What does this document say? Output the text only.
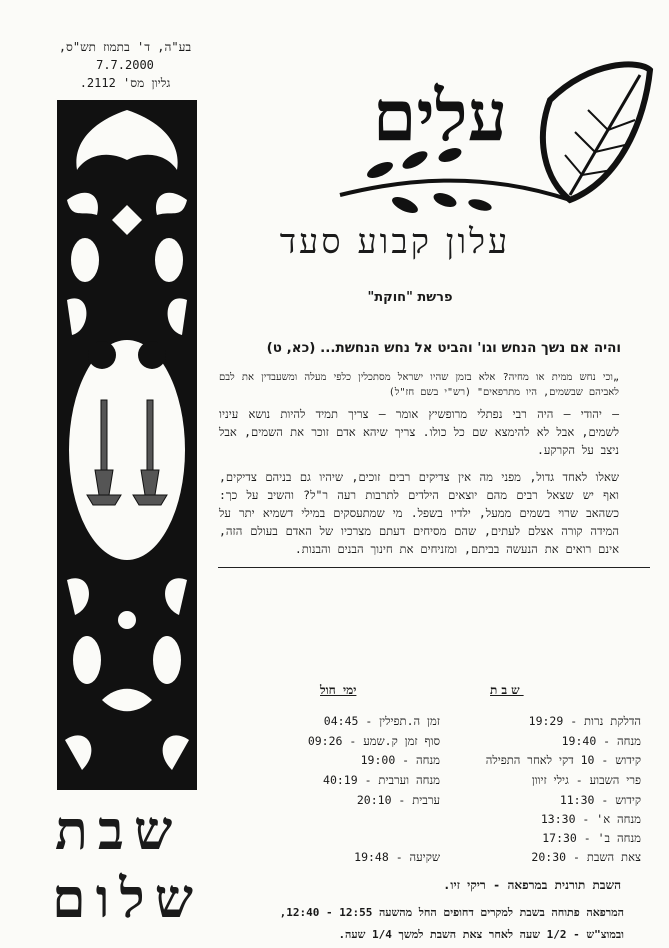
בע"ה, ד' בתמוז תש"ס,
7.7.2000
גליון מס' 2112.	עלים
עלון קבוע סעד
פרשת "חוקת"
והיה אם נשך הנחש וגו' והביט אל נחש הנחשת... (כא, ט)
„וכי נחש ממית או מחיה? אלא בזמן שהיו ישראל מסתכלין כלפי מעלה ומשעבדין את לבם לאביהם שבשמים, היו מתרפאים" (רש"י בשם חז"ל)
— יהודי — היה רבי נפתלי מרופשיץ אומר — צריך תמיד להיות נושא עיניו לשמים, אבל לא להימצא שם כל כולו. צריך שיהא אדם זוכר את השמים, אבל ניצב על הקרקע.
שאלו לאחד גדול, מפני מה אין צדיקים רבים זוכים, שיהיו גם בניהם צדיקים, ואף יש שצאל רבים מהם יוצאים הילדים לתרבות רעה ר"ל? והשיב על כך: כשהאב שרוי בשמים ממעל, ילדיו בשפל. מי שמתעסקים במילי דשמיא יתר על המידה קורה אצלם לעתים, שהם מסיחים דעתם מצרכיו של האדם בעולם הזה, אינם רואים את הנעשה בביתם, ומזניחים את חינוך הבנים והבנות.
שבת
ימי חול
הדלקת נרות - 19:29
מנחה - 19:40
קידוש - 10 דקי לאחר התפילה
פרי השבוע - גילי זיוון
קידוש - 11:30
מנחה א' - 13:30
מנחה ב' - 17:30
צאת השבת - 20:30
זמן ה.תפילין - 04:45
סוף זמן ק.שמע - 09:26
מנחה - 19:00
מנחה וערבית - 40:19
ערבית - 20:10
שקיעה - 19:48
השבת תורנית במרפאה - ריקי זיו.
המרפאה פתוחה בשבת למקרים דחופים החל מהשעה 12:55 - 12:40,
ובמוצ"ש - 1/2 שעה לאחר צאת השבת למשך 1/4 שעה.
שבת
שלום
